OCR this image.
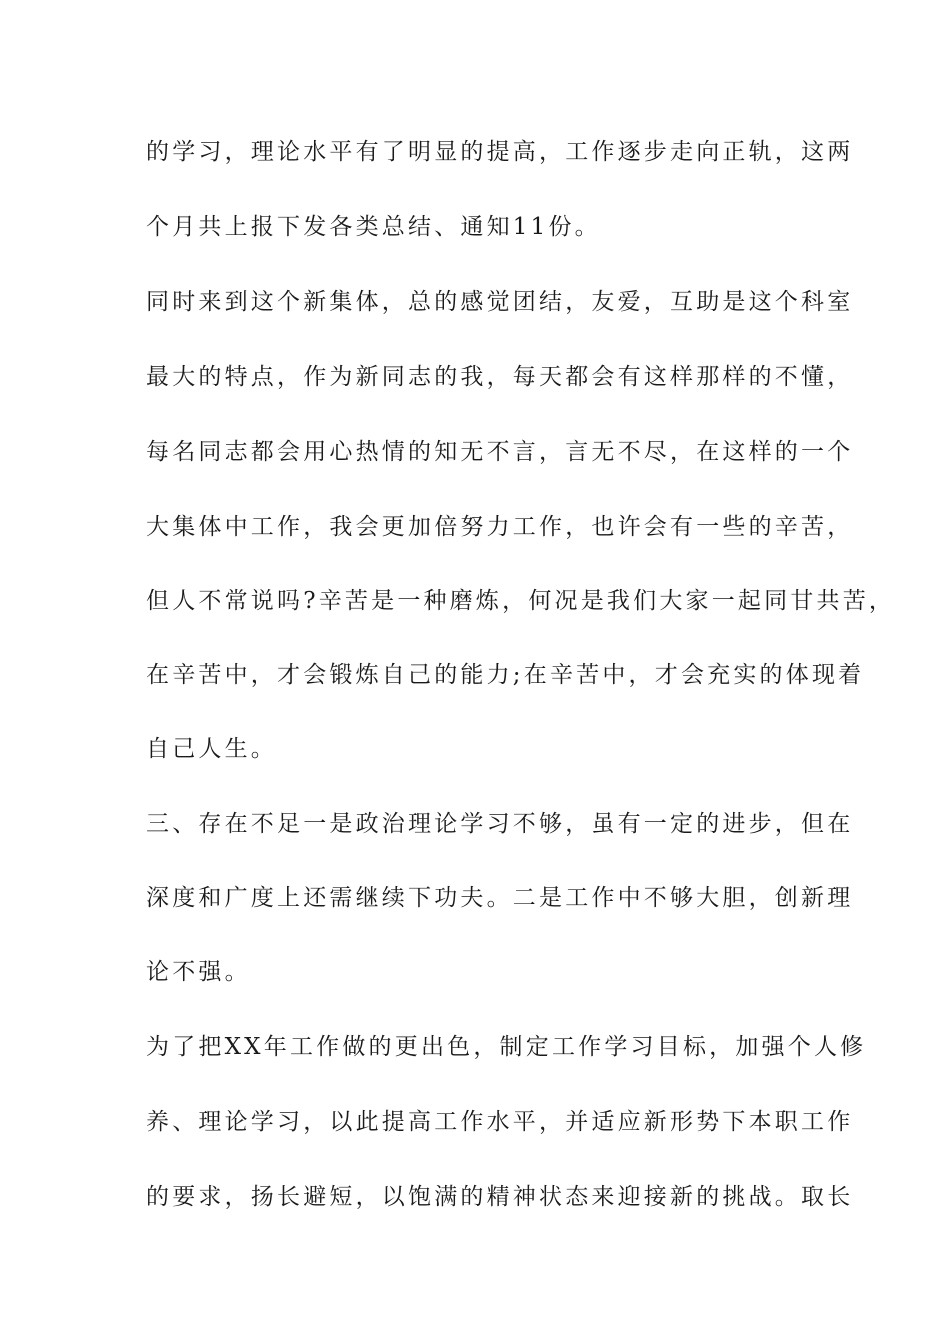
的学习，理论水平有了明显的提高，工作逐步走向正轨，这两
个月共上报下发各类总结、通知11份。
同时来到这个新集体，总的感觉团结，友爱，互助是这个科室
最大的特点，作为新同志的我，每天都会有这样那样的不懂，
每名同志都会用心热情的知无不言，言无不尽，在这样的一个
大集体中工作，我会更加倍努力工作，也许会有一些的辛苦，
但人不常说吗?辛苦是一种磨炼，何况是我们大家一起同甘共苦，
在辛苦中，才会锻炼自己的能力;在辛苦中，才会充实的体现着
自己人生。
三、存在不足一是政治理论学习不够，虽有一定的进步，但在
深度和广度上还需继续下功夫。二是工作中不够大胆，创新理
论不强。
为了把XX年工作做的更出色，制定工作学习目标，加强个人修
养、理论学习，以此提高工作水平，并适应新形势下本职工作
的要求，扬长避短，以饱满的精神状态来迎接新的挑战。取长
